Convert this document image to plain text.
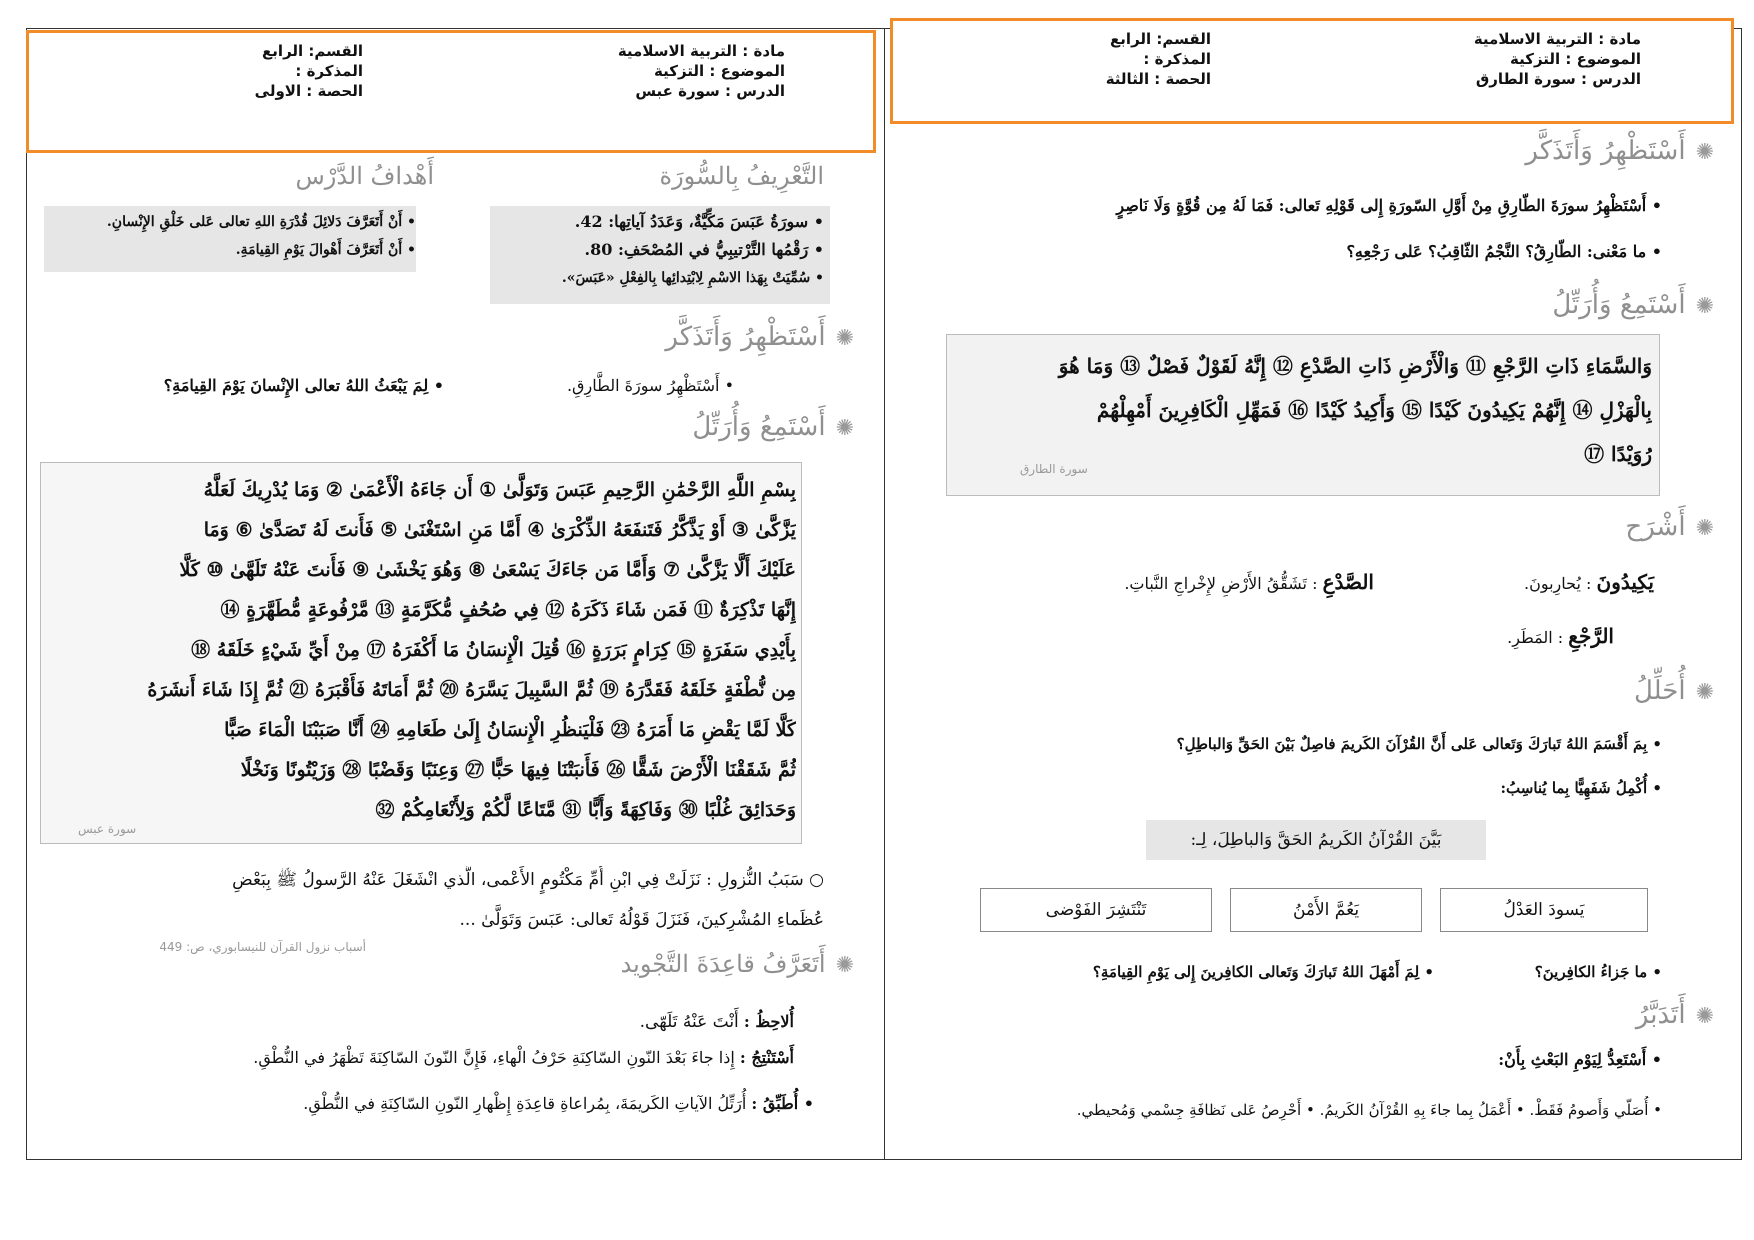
مادة : التربية الاسلامية
الموضوع : التزكية
الدرس : سورة عبس
القسم: الرابع
المذكرة :
الحصة : الاولى
التَّعْرِيفُ بِالسُّورَة
• سورَةُ عَبَسَ مَكِّيَّةٌ، وَعَدَدُ آياتِها: 42.
• رَقْمُها التَّرْتيبِيُّ في المُصْحَفِ: 80.
• سُمِّيَتْ بِهَذا الاسْمِ لِابْتِدائِها بِالفِعْلِ «عَبَسَ».
أَهْدافُ الدَّرْس
• أَنْ أَتَعَرَّفَ دَلائِلَ قُدْرَةِ اللهِ تعالى عَلى خَلْقِ الإِنْسانِ.
• أَنْ أَتَعَرَّفَ أَهْوالَ يَوْمِ القِيامَةِ.
✺أَسْتَظْهِرُ وَأَتَذَكَّر
• أَسْتَظْهِرُ سورَةَ الطَّارِقِ.
• لِمَ يَبْعَثُ اللهُ تعالى الإِنْسانَ يَوْمَ القِيامَةِ؟
✺أَسْتَمِعُ وَأُرَتِّلُ
بِسْمِ اللَّهِ الرَّحْمَٰنِ الرَّحِيمِ عَبَسَ وَتَوَلَّىٰ ① أَن جَاءَهُ الْأَعْمَىٰ ② وَمَا يُدْرِيكَ لَعَلَّهُ
يَزَّكَّىٰ ③ أَوْ يَذَّكَّرُ فَتَنفَعَهُ الذِّكْرَىٰ ④ أَمَّا مَنِ اسْتَغْنَىٰ ⑤ فَأَنتَ لَهُ تَصَدَّىٰ ⑥ وَمَا
عَلَيْكَ أَلَّا يَزَّكَّىٰ ⑦ وَأَمَّا مَن جَاءَكَ يَسْعَىٰ ⑧ وَهُوَ يَخْشَىٰ ⑨ فَأَنتَ عَنْهُ تَلَهَّىٰ ⑩ كَلَّا
إِنَّهَا تَذْكِرَةٌ ⑪ فَمَن شَاءَ ذَكَرَهُ ⑫ فِي صُحُفٍ مُّكَرَّمَةٍ ⑬ مَّرْفُوعَةٍ مُّطَهَّرَةٍ ⑭
بِأَيْدِي سَفَرَةٍ ⑮ كِرَامٍ بَرَرَةٍ ⑯ قُتِلَ الْإِنسَانُ مَا أَكْفَرَهُ ⑰ مِنْ أَيِّ شَيْءٍ خَلَقَهُ ⑱
مِن نُّطْفَةٍ خَلَقَهُ فَقَدَّرَهُ ⑲ ثُمَّ السَّبِيلَ يَسَّرَهُ ⑳ ثُمَّ أَمَاتَهُ فَأَقْبَرَهُ ㉑ ثُمَّ إِذَا شَاءَ أَنشَرَهُ
كَلَّا لَمَّا يَقْضِ مَا أَمَرَهُ ㉓ فَلْيَنظُرِ الْإِنسَانُ إِلَىٰ طَعَامِهِ ㉔ أَنَّا صَبَبْنَا الْمَاءَ صَبًّا
ثُمَّ شَقَقْنَا الْأَرْضَ شَقًّا ㉖ فَأَنبَتْنَا فِيهَا حَبًّا ㉗ وَعِنَبًا وَقَضْبًا ㉘ وَزَيْتُونًا وَنَخْلًا
وَحَدَائِقَ غُلْبًا ㉚ وَفَاكِهَةً وَأَبًّا ㉛ مَّتَاعًا لَّكُمْ وَلِأَنْعَامِكُمْ ㉜
سورة عبس
○ سَبَبُ النُّزولِ : نَزَلَتْ فِي ابْنِ أُمِّ مَكْتُومٍ الأَعْمى، الَّذي انْشَغَلَ عَنْهُ الرَّسولُ ﷺ بِبَعْضِ
عُظَماءِ المُشْرِكينَ، فَنَزَلَ قَوْلُهُ تَعالى: عَبَسَ وَتَوَلَّىٰ ...
أسباب نزول القرآن للنيسابوري، ص: 449
✺أَتَعَرَّفُ قاعِدَةَ التَّجْويد
أُلاحِظُ : أَنْتَ عَنْهُ تَلَهّى.
أَسْتَنْتِجُ : إِذا جاءَ بَعْدَ النّونِ السّاكِنَةِ حَرْفُ الْهاءِ، فَإِنَّ النّونَ السّاكِنَةَ تَظْهَرُ في النُّطْقِ.
• أُطَبِّقُ : أُرَتِّلُ الآياتِ الكَريمَةَ، بِمُراعاةِ قاعِدَةِ إِظْهارِ النّونِ السّاكِنَةِ في النُّطْقِ.
مادة : التربية الاسلامية
الموضوع : التزكية
الدرس : سورة الطارق
القسم: الرابع
المذكرة :
الحصة : الثالثة
✺أَسْتَظْهِرُ وَأَتَذَكَّر
• أَسْتَظْهِرُ سورَةَ الطّارِقِ مِنْ أَوَّلِ السّورَةِ إِلى قَوْلِهِ تَعالى: فَمَا لَهُ مِن قُوَّةٍ وَلَا نَاصِرٍ
• ما مَعْنى: الطّارِقُ؟ النَّجْمُ الثّاقِبُ؟ عَلى رَجْعِهِ؟
✺أَسْتَمِعُ وَأُرَتِّلُ
وَالسَّمَاءِ ذَاتِ الرَّجْعِ ⑪ وَالْأَرْضِ ذَاتِ الصَّدْعِ ⑫ إِنَّهُ لَقَوْلٌ فَصْلٌ ⑬ وَمَا هُوَ
بِالْهَزْلِ ⑭ إِنَّهُمْ يَكِيدُونَ كَيْدًا ⑮ وَأَكِيدُ كَيْدًا ⑯ فَمَهِّلِ الْكَافِرِينَ أَمْهِلْهُمْ
رُوَيْدًا ⑰
سورة الطارق
✺أَشْرَح
يَكِيدُونَ : يُحارِبونَ.
الصَّدْعِ : تَشَقُّقُ الأَرْضِ لإِخْراجِ النَّباتِ.
الرَّجْعِ : المَطَرِ.
✺أُحَلِّلُ
• بِمَ أَقْسَمَ اللهُ تَبارَكَ وَتَعالى عَلى أَنَّ القُرْآنَ الكَريمَ فاصِلٌ بَيْنَ الحَقِّ وَالباطِلِ؟
• أُكْمِلُ شَفَهِيًّا بِما يُناسِبُ:
بَيَّنَ القُرْآنُ الكَريمُ الحَقَّ وَالباطِلَ، لِـ:
يَسودَ العَدْلُ
يَعُمَّ الأَمْنُ
تَنْتَشِرَ الفَوْضى
• ما جَزاءُ الكافِرينَ؟
• لِمَ أَمْهَلَ اللهُ تَبارَكَ وَتَعالى الكافِرينَ إِلى يَوْمِ القِيامَةِ؟
✺أَتَدَبَّرُ
• أَسْتَعِدُّ لِيَوْمِ البَعْثِ بِأَنْ:
• أُصَلّي وَأَصومُ فَقَطْ. • أَعْمَلُ بِما جاءَ بِهِ القُرْآنُ الكَريمُ. • أَحْرِصُ عَلى نَظافَةِ جِسْمي وَمُحيطي.
